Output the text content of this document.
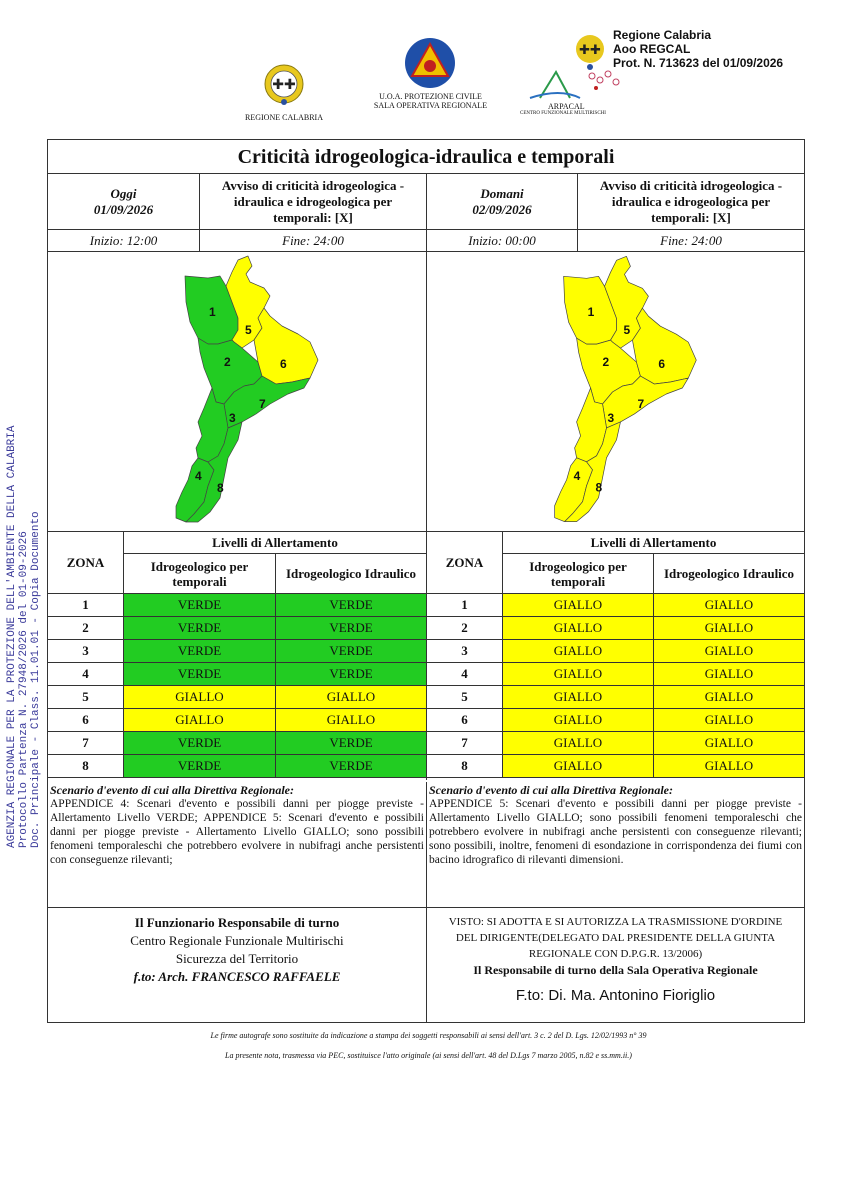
✚✚
REGIONE CALABRIA
U.O.A. PROTEZIONE CIVILE
SALA OPERATIVA REGIONALE
✚✚
Regione Calabria
Aoo REGCAL
Prot. N. 713623 del 01/09/2026
ARPACAL
CENTRO FUNZIONALE MULTIRISCHI
AGENZIA REGIONALE PER LA PROTEZIONE DELL'AMBIENTE DELLA CALABRIA Protocollo Partenza N. 27948/2026 del 01-09-2026 Doc. Principale - Class. 11.01.01 - Copia Documento
Criticità idrogeologica-idraulica e temporali
Oggi
01/09/2026
Avviso di criticità idrogeologica - idraulica e idrogeologica per temporali: [X]
Domani
02/09/2026
Avviso di criticità idrogeologica - idraulica e idrogeologica per temporali: [X]
Inizio: 12:00	Fine: 24:00	Inizio: 00:00	Fine: 24:00
1
5
2	6
7
3
4
8
1
5
2	6
7
3
4
8
ZONA
Livelli di Allertamento
Idrogeologico per temporali
Idrogeologico Idraulico
1	VERDE	VERDE
2	VERDE	VERDE
3	VERDE	VERDE
4	VERDE	VERDE
5	GIALLO	GIALLO
6	GIALLO	GIALLO
7	VERDE	VERDE
8	VERDE	VERDE
ZONA
Livelli di Allertamento
Idrogeologico per temporali
Idrogeologico Idraulico
1	GIALLO	GIALLO
2	GIALLO	GIALLO
3	GIALLO	GIALLO
4	GIALLO	GIALLO
5	GIALLO	GIALLO
6	GIALLO	GIALLO
7	GIALLO	GIALLO
8	GIALLO	GIALLO
Scenario d'evento di cui alla Direttiva Regionale:
APPENDICE 4: Scenari d'evento e possibili danni per piogge previste - Allertamento Livello VERDE; APPENDICE 5: Scenari d'evento e possibili danni per piogge previste - Allertamento Livello GIALLO; sono possibili fenomeni temporaleschi che potrebbero evolvere in nubifragi anche persistenti con conseguenze rilevanti;
Scenario d'evento di cui alla Direttiva Regionale:
APPENDICE 5: Scenari d'evento e possibili danni per piogge previste - Allertamento Livello GIALLO; sono possibili fenomeni temporaleschi che potrebbero evolvere in nubifragi anche persistenti con conseguenze rilevanti; sono possibili, inoltre, fenomeni di esondazione in corrispondenza dei fiumi con bacino idrografico di rilevanti dimensioni.
Il Funzionario Responsabile di turno
Centro Regionale Funzionale Multirischi
Sicurezza del Territorio
f.to: Arch. FRANCESCO RAFFAELE
VISTO: SI ADOTTA E SI AUTORIZZA LA TRASMISSIONE D'ORDINE
DEL DIRIGENTE(DELEGATO DAL PRESIDENTE DELLA GIUNTA
REGIONALE CON D.P.G.R. 13/2006)
Il Responsabile di turno della Sala Operativa Regionale
F.to: Di. Ma. Antonino Fioriglio
Le firme autografe sono sostituite da indicazione a stampa dei soggetti responsabili ai sensi dell'art. 3 c. 2 del D. Lgs. 12/02/1993 n° 39
La presente nota, trasmessa via PEC, sostituisce l'atto originale (ai sensi dell'art. 48 del D.Lgs 7 marzo 2005, n.82 e ss.mm.ii.)
